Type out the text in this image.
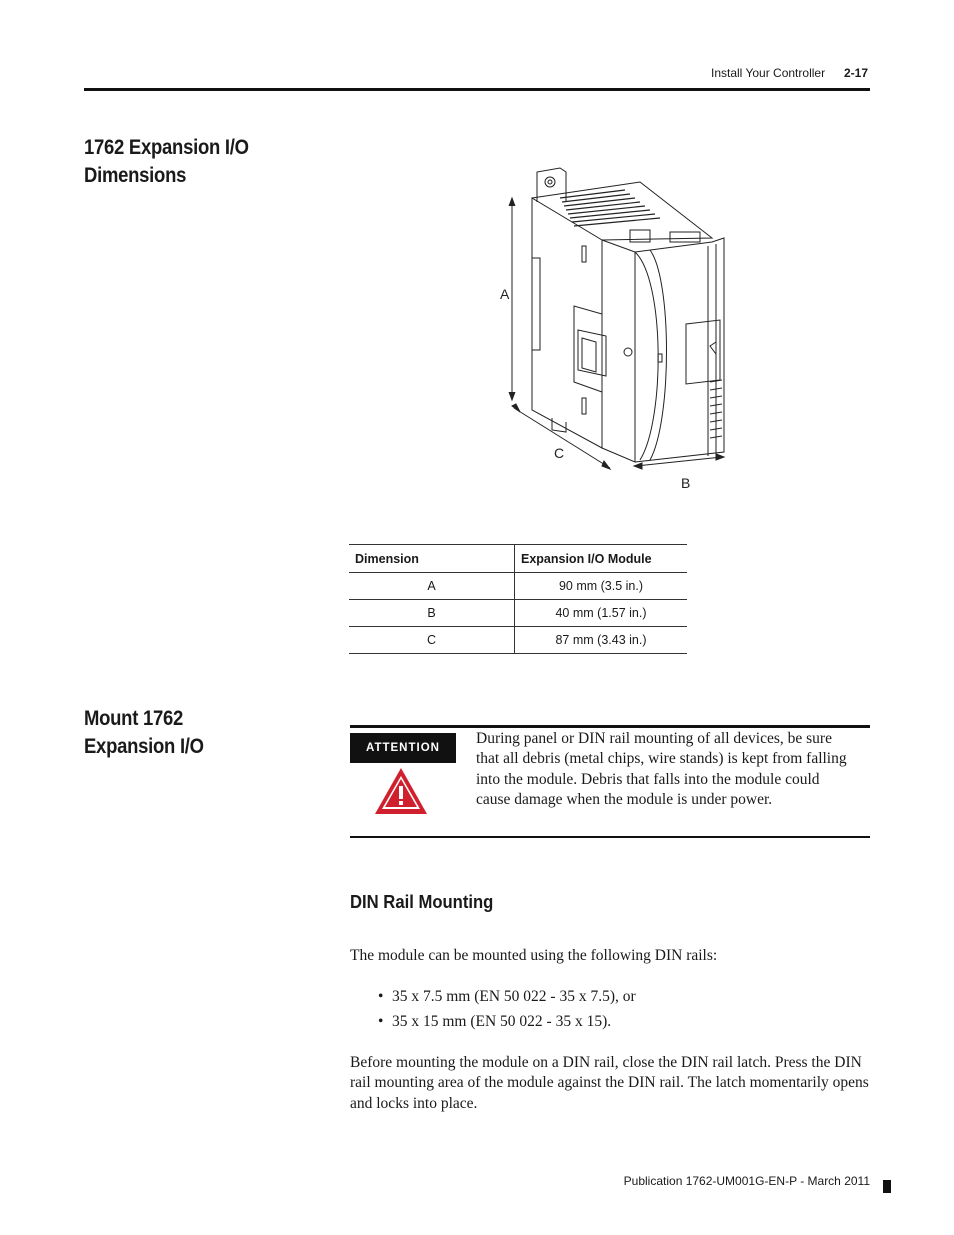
Install Your Controller 2-17
1762 Expansion I/O
Dimensions
A
C
B
Dimension	Expansion I/O Module
A	90 mm (3.5 in.)
B	40 mm (1.57 in.)
C	87 mm (3.43 in.)
Mount 1762
Expansion I/O	ATTENTION
During panel or DIN rail mounting of all devices, be sure that all debris (metal chips, wire stands) is kept from falling into the module. Debris that falls into the module could cause damage when the module is under power.
DIN Rail Mounting
The module can be mounted using the following DIN rails:
• 35 x 7.5 mm (EN 50 022 - 35 x 7.5), or
• 35 x 15 mm (EN 50 022 - 35 x 15).
Before mounting the module on a DIN rail, close the DIN rail latch. Press the DIN rail mounting area of the module against the DIN rail. The latch momentarily opens and locks into place.
Publication 1762-UM001G-EN-P - March 2011
